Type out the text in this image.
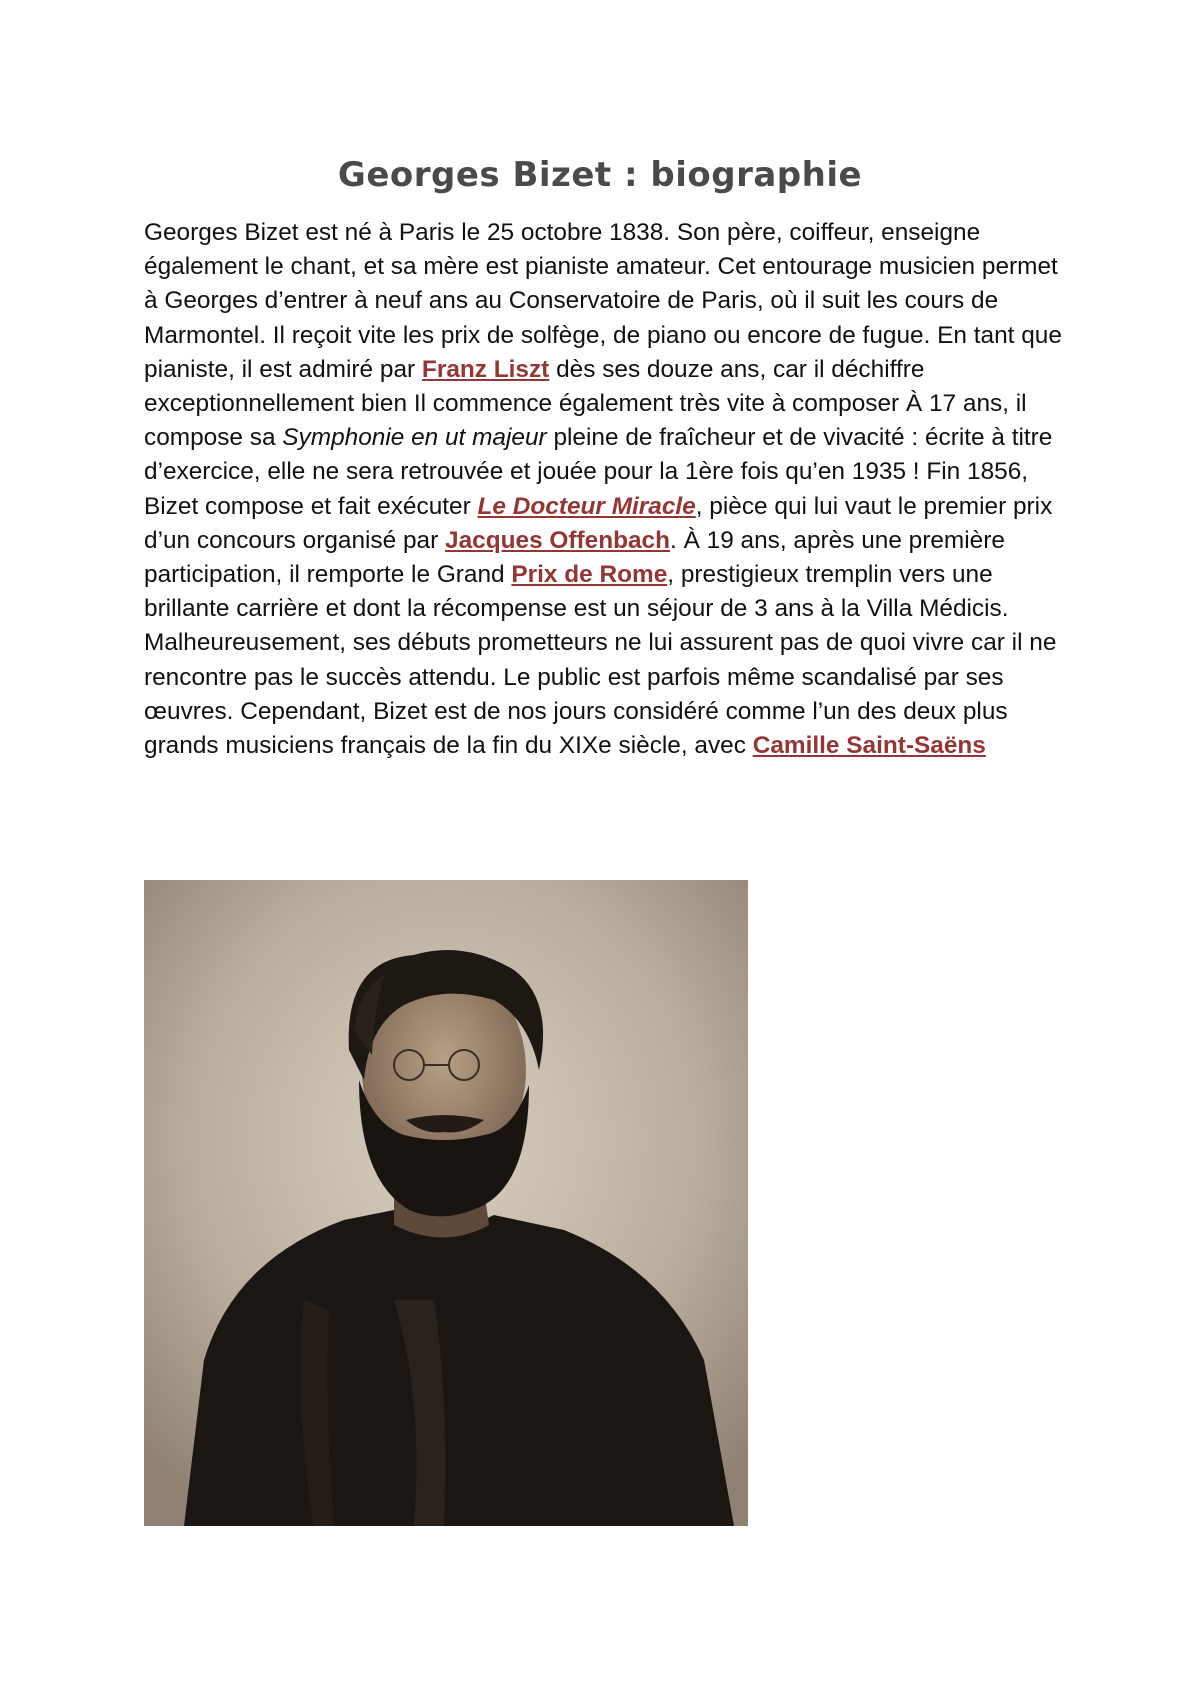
Georges Bizet : biographie
Georges Bizet est né à Paris le 25 octobre 1838. Son père, coiffeur, enseigne également le chant, et sa mère est pianiste amateur. Cet entourage musicien permet à Georges d’entrer à neuf ans au Conservatoire de Paris, où il suit les cours de Marmontel. Il reçoit vite les prix de solfège, de piano ou encore de fugue. En tant que pianiste, il est admiré par Franz Liszt dès ses douze ans, car il déchiffre exceptionnellement bien Il commence également très vite à composer À 17 ans, il compose sa Symphonie en ut majeur pleine de fraîcheur et de vivacité : écrite à titre d’exercice, elle ne sera retrouvée et jouée pour la 1ère fois qu’en 1935 ! Fin 1856, Bizet compose et fait exécuter Le Docteur Miracle, pièce qui lui vaut le premier prix d’un concours organisé par Jacques Offenbach. À 19 ans, après une première participation, il remporte le Grand Prix de Rome, prestigieux tremplin vers une brillante carrière et dont la récompense est un séjour de 3 ans à la Villa Médicis. Malheureusement, ses débuts prometteurs ne lui assurent pas de quoi vivre car il ne rencontre pas le succès attendu. Le public est parfois même scandalisé par ses œuvres. Cependant, Bizet est de nos jours considéré comme l’un des deux plus grands musiciens français de la fin du XIXe siècle, avec Camille Saint-Saëns
